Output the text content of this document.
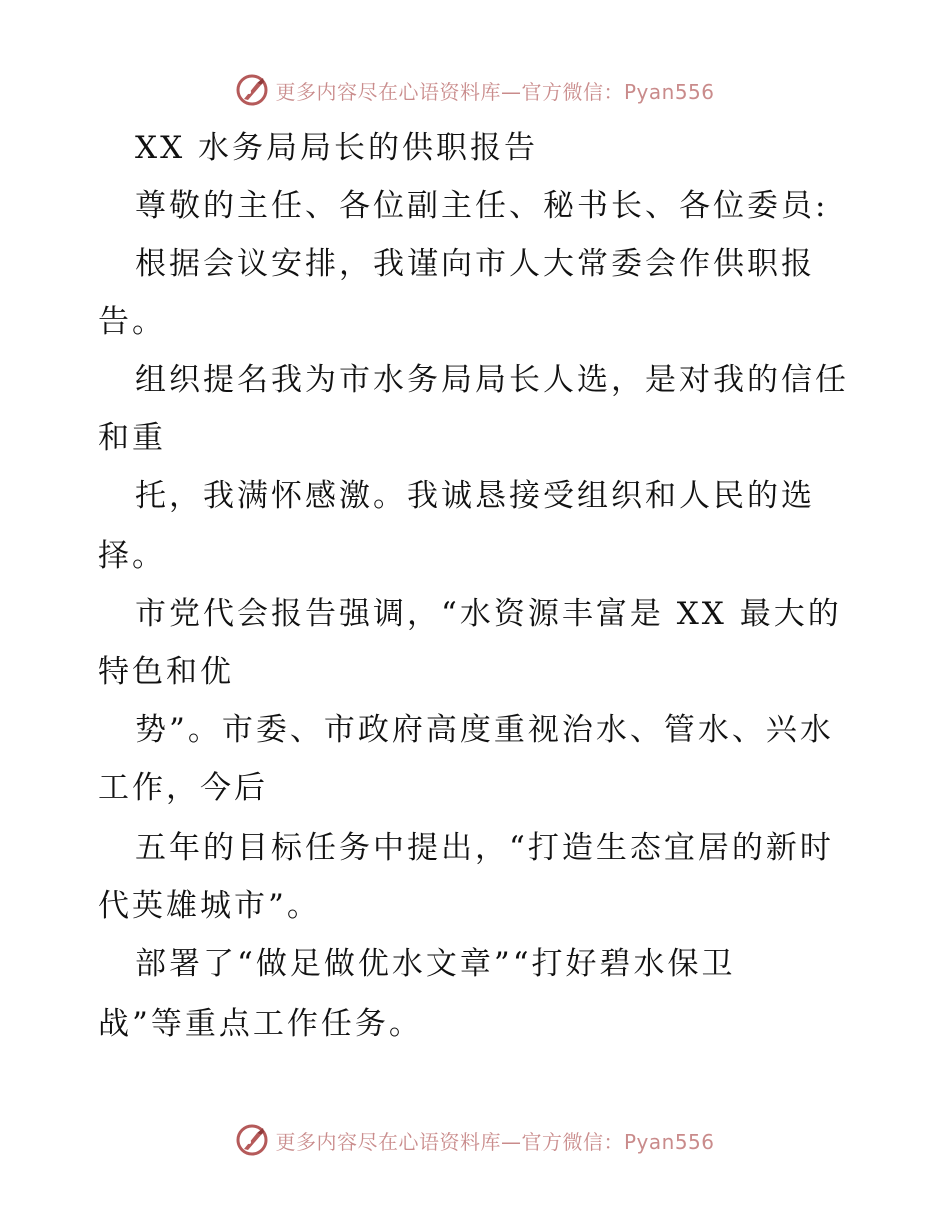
更多内容尽在心语资料库—官方微信：Pyan556
XX 水务局局长的供职报告
尊敬的主任、各位副主任、秘书长、各位委员:
根据会议安排，我谨向市人大常委会作供职报
告。
组织提名我为市水务局局长人选，是对我的信任
和重
托，我满怀感激。我诚恳接受组织和人民的选
择。
市党代会报告强调，“水资源丰富是 XX 最大的
特色和优
势”。市委、市政府高度重视治水、管水、兴水
工作，今后
五年的目标任务中提出，“打造生态宜居的新时
代英雄城市”。
部署了“做足做优水文章”“打好碧水保卫
战”等重点工作任务。
更多内容尽在心语资料库—官方微信：Pyan556
